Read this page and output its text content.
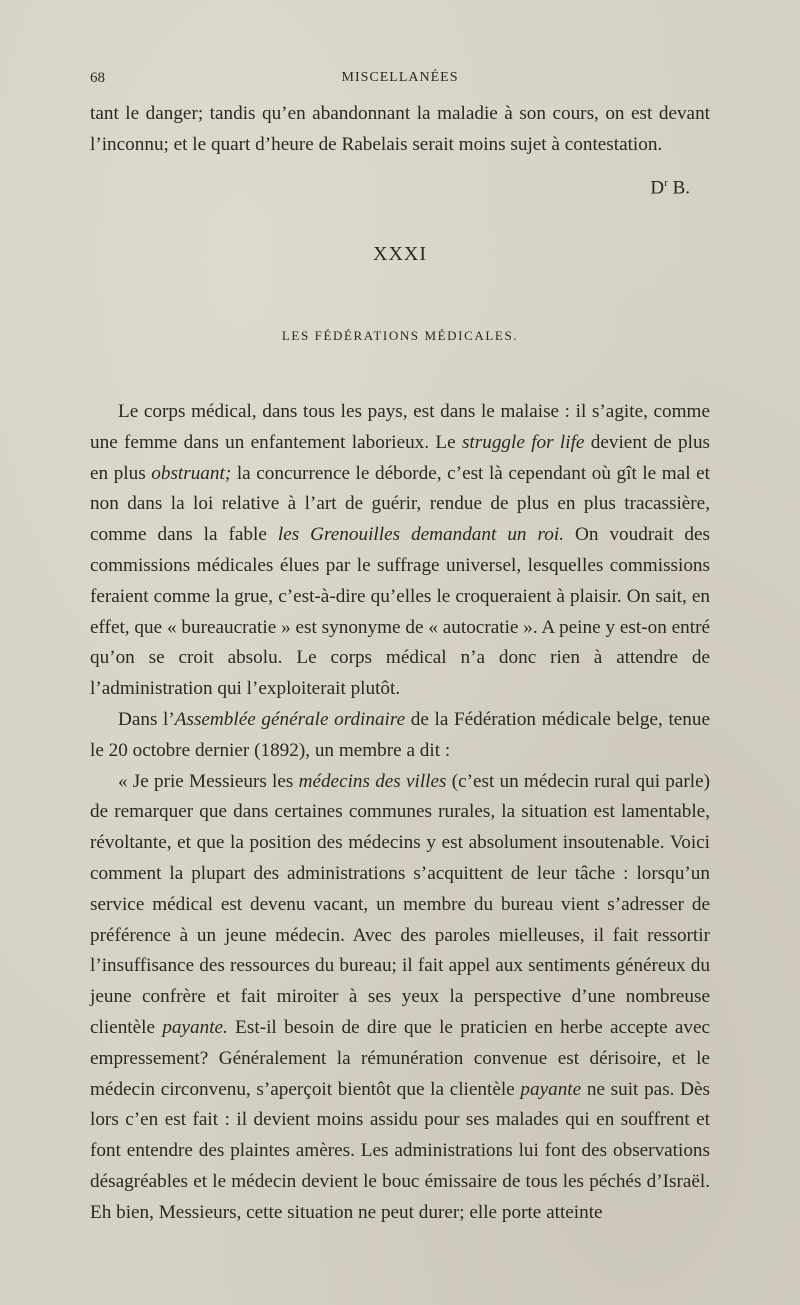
68	MISCELLANÉES

tant le danger; tandis qu’en abandonnant la maladie à son cours, on est devant l’inconnu; et le quart d’heure de Rabelais serait moins sujet à contestation.

$D^r$ B.
XXXI
LES FÉDÉRATIONS MÉDICALES.

Le corps médical, dans tous les pays, est dans le malaise : il s’agite, comme une femme dans un enfantement laborieux. Le struggle for life devient de plus en plus obstruant; la concurrence le déborde, c’est là cependant où gît le mal et non dans la loi relative à l’art de guérir, rendue de plus en plus tracassière, comme dans la fable les Grenouilles demandant un roi. On voudrait des commissions médicales élues par le suffrage universel, lesquelles commissions feraient comme la grue, c’est-à-dire qu’elles le croqueraient à plaisir. On sait, en effet, que « bureaucratie » est synonyme de « autocratie ». A peine y est-on entré qu’on se croit absolu. Le corps médical n’a donc rien à attendre de l’administration qui l’exploiterait plutôt.

Dans l’Assemblée générale ordinaire de la Fédération médicale belge, tenue le 20 octobre dernier (1892), un membre a dit :

« Je prie Messieurs les médecins des villes (c’est un médecin rural qui parle) de remarquer que dans certaines communes rurales, la situation est lamentable, révoltante, et que la position des médecins y est absolument insoutenable. Voici comment la plupart des administrations s’acquittent de leur tâche : lorsqu’un service médical est devenu vacant, un membre du bureau vient s’adresser de préférence à un jeune médecin. Avec des paroles mielleuses, il fait ressortir l’insuffisance des ressources du bureau; il fait appel aux sentiments généreux du jeune confrère et fait miroiter à ses yeux la perspective d’une nombreuse clientèle payante. Est-il besoin de dire que le praticien en herbe accepte avec empressement? Généralement la rémunération convenue est dérisoire, et le médecin circonvenu, s’aperçoit bientôt que la clientèle payante ne suit pas. Dès lors c’en est fait : il devient moins assidu pour ses malades qui en souffrent et font entendre des plaintes amères. Les administrations lui font des observations désagréables et le médecin devient le bouc émissaire de tous les péchés d’Israël. Eh bien, Messieurs, cette situation ne peut durer; elle porte atteinte
